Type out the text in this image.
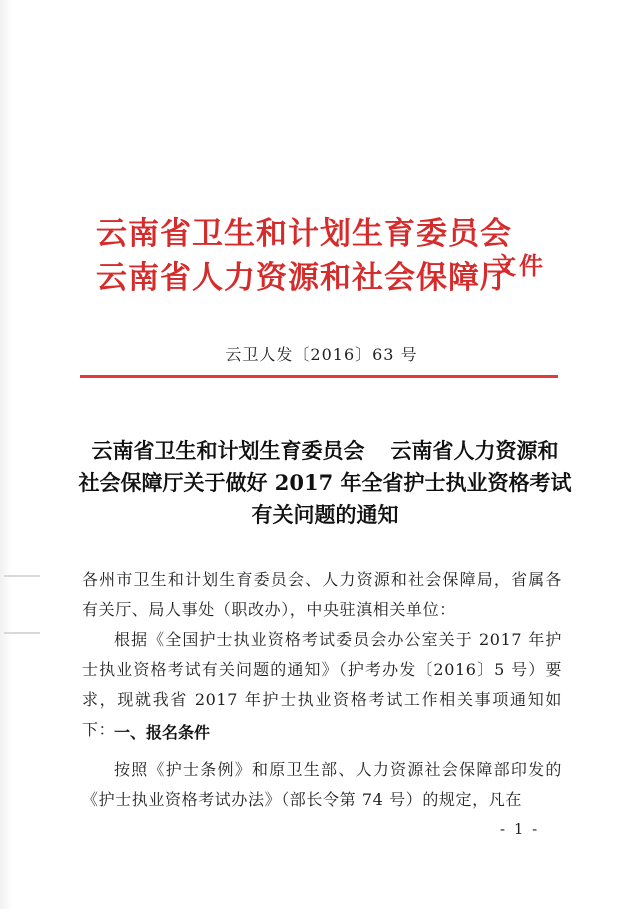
云南省卫生和计划生育委员会
云南省人力资源和社会保障厅
文件
云卫人发〔2016〕63 号
云南省卫生和计划生育委员会 云南省人力资源和
社会保障厅关于做好 2017 年全省护士执业资格考试
有关问题的通知
各州市卫生和计划生育委员会、人力资源和社会保障局，省属各有关厅、局人事处（职改办），中央驻滇相关单位：
根据《全国护士执业资格考试委员会办公室关于 2017 年护士执业资格考试有关问题的通知》（护考办发〔2016〕5 号）要求，现就我省 2017 年护士执业资格考试工作相关事项通知如下：
一、报名条件
按照《护士条例》和原卫生部、人力资源社会保障部印发的《护士执业资格考试办法》（部长令第 74 号）的规定，凡在
- 1 -
